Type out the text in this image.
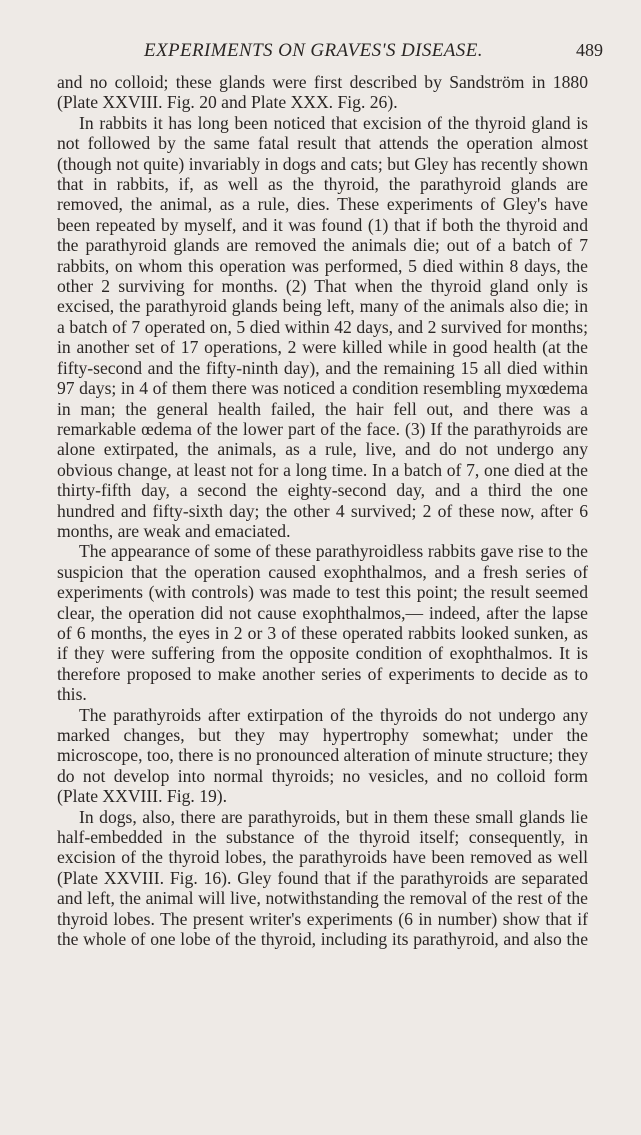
EXPERIMENTS ON GRAVES'S DISEASE.	489

and no colloid; these glands were first described by Sandström in 1880 (Plate XXVIII. Fig. 20 and Plate XXX. Fig. 26).

In rabbits it has long been noticed that excision of the thyroid gland is not followed by the same fatal result that attends the operation almost (though not quite) invariably in dogs and cats; but Gley has recently shown that in rabbits, if, as well as the thyroid, the parathyroid glands are removed, the animal, as a rule, dies. These experiments of Gley's have been repeated by myself, and it was found (1) that if both the thyroid and the parathyroid glands are removed the animals die; out of a batch of 7 rabbits, on whom this operation was performed, 5 died within 8 days, the other 2 surviving for months. (2) That when the thyroid gland only is excised, the parathyroid glands being left, many of the animals also die; in a batch of 7 operated on, 5 died within 42 days, and 2 survived for months; in another set of 17 operations, 2 were killed while in good health (at the fifty-second and the fifty-ninth day), and the remaining 15 all died within 97 days; in 4 of them there was noticed a condition resembling myxœdema in man; the general health failed, the hair fell out, and there was a remarkable œdema of the lower part of the face. (3) If the parathyroids are alone extirpated, the animals, as a rule, live, and do not undergo any obvious change, at least not for a long time. In a batch of 7, one died at the thirty-fifth day, a second the eighty-second day, and a third the one hundred and fifty-sixth day; the other 4 survived; 2 of these now, after 6 months, are weak and emaciated.

The appearance of some of these parathyroidless rabbits gave rise to the suspicion that the operation caused exophthalmos, and a fresh series of experiments (with controls) was made to test this point; the result seemed clear, the operation did not cause exophthalmos,— indeed, after the lapse of 6 months, the eyes in 2 or 3 of these operated rabbits looked sunken, as if they were suffering from the opposite condition of exophthalmos. It is therefore proposed to make another series of experiments to decide as to this.

The parathyroids after extirpation of the thyroids do not undergo any marked changes, but they may hypertrophy somewhat; under the microscope, too, there is no pronounced alteration of minute structure; they do not develop into normal thyroids; no vesicles, and no colloid form (Plate XXVIII. Fig. 19).

In dogs, also, there are parathyroids, but in them these small glands lie half-embedded in the substance of the thyroid itself; consequently, in excision of the thyroid lobes, the parathyroids have been removed as well (Plate XXVIII. Fig. 16). Gley found that if the parathyroids are separated and left, the animal will live, notwithstanding the removal of the rest of the thyroid lobes. The present writer's experiments (6 in number) show that if the whole of one lobe of the thyroid, including its parathyroid, and also the
